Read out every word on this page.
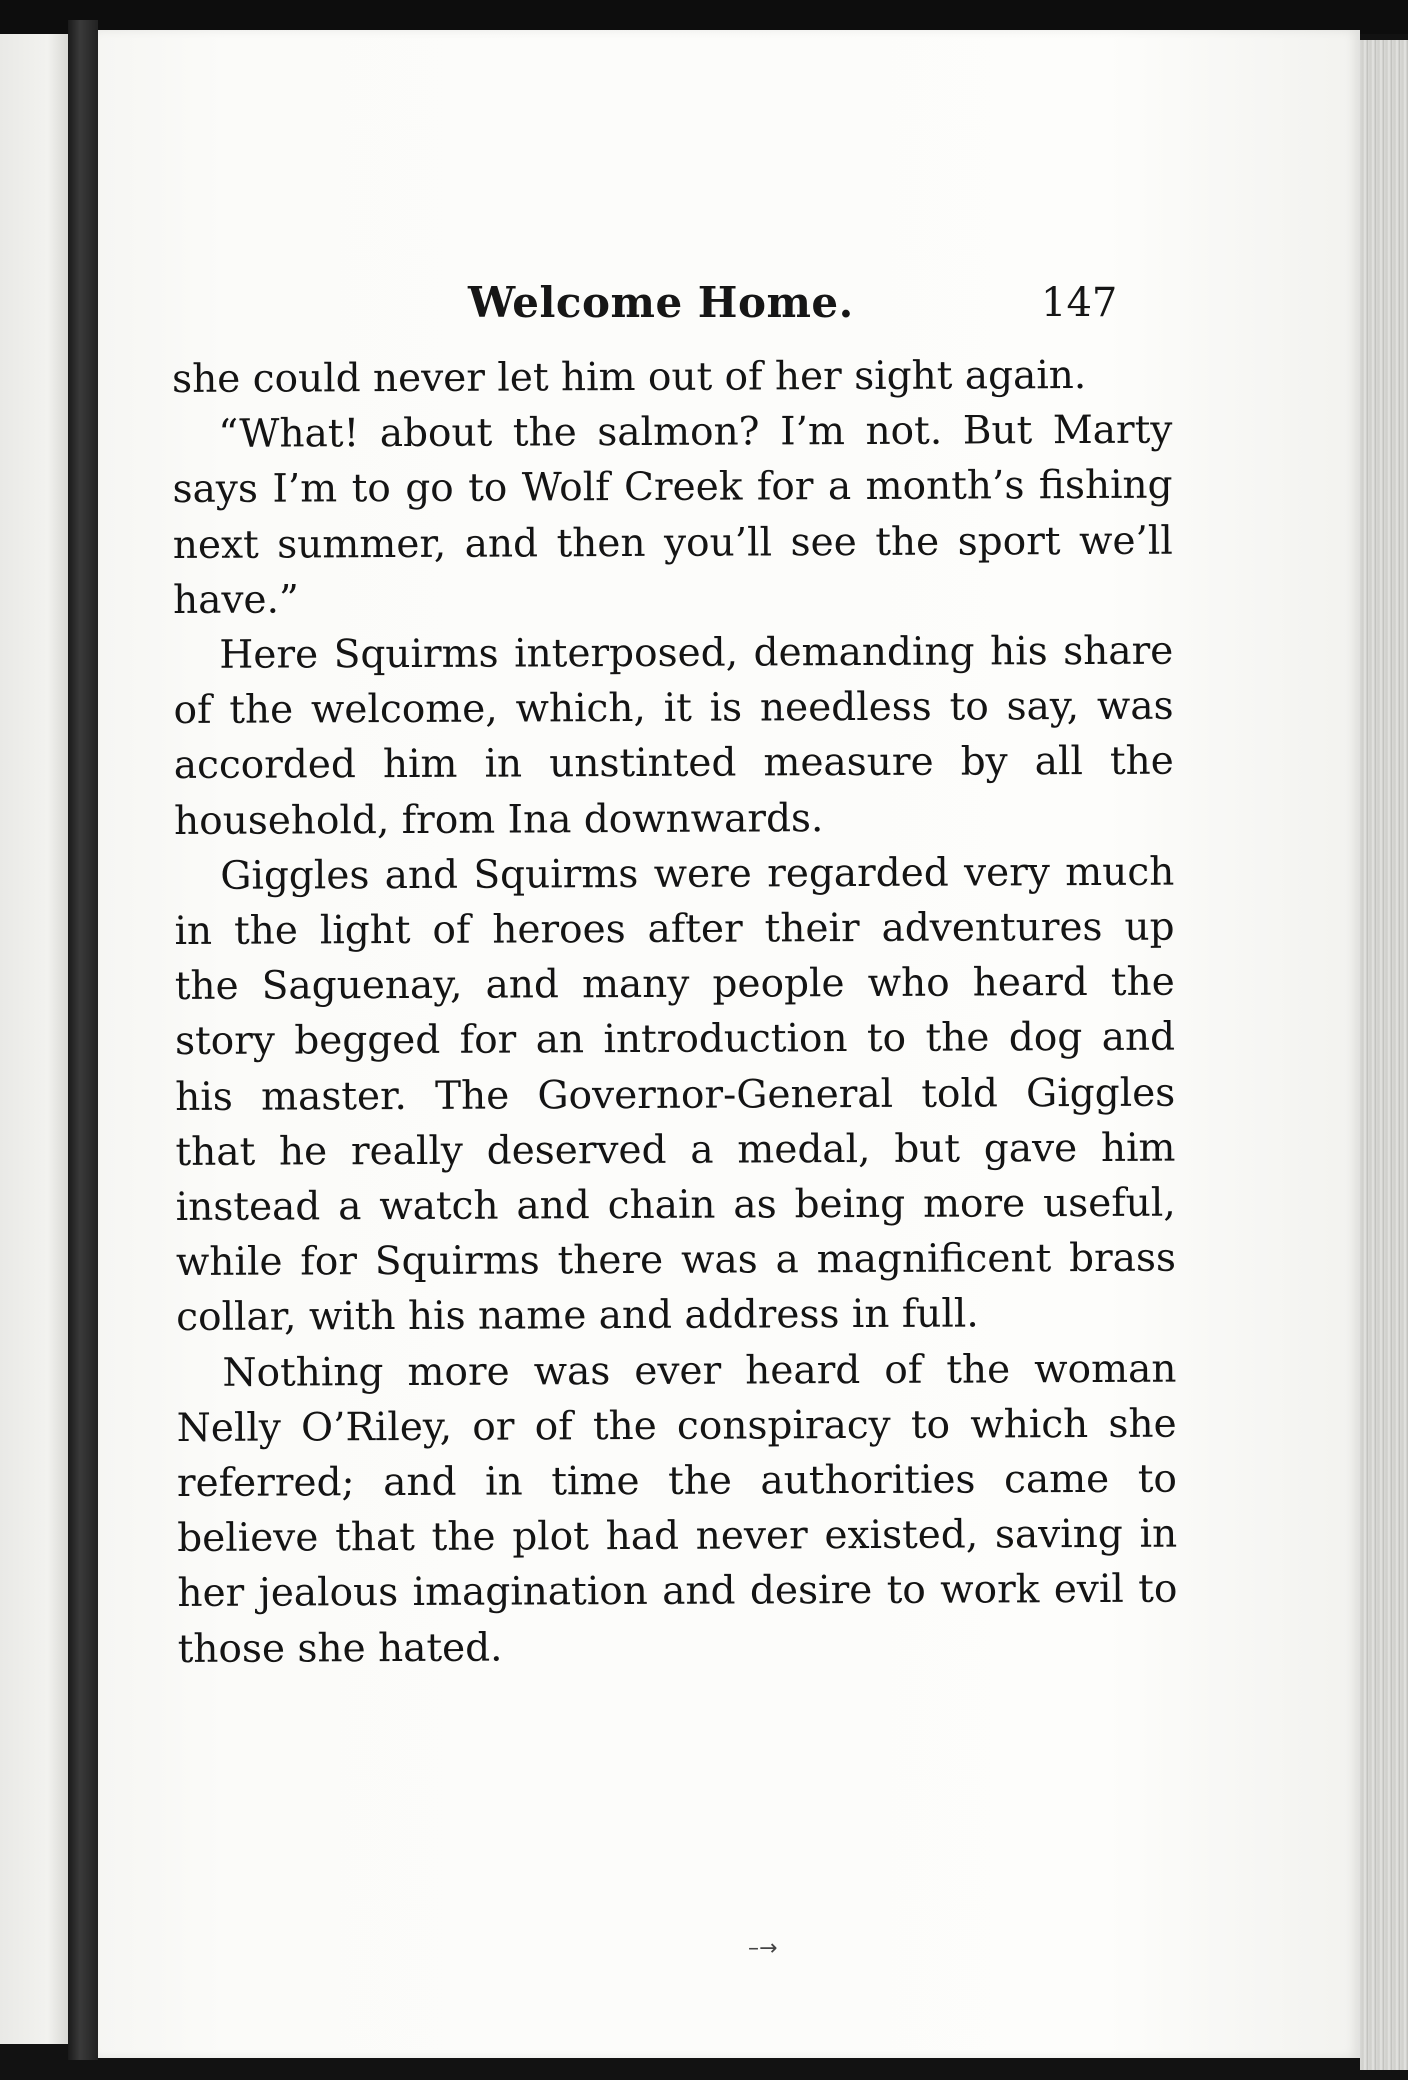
Welcome Home.	147

she could never let him out of her sight again.

“What! about the salmon? I’m not. But Marty says I’m to go to Wolf Creek for a month’s fishing next summer, and then you’ll see the sport we’ll have.”

Here Squirms interposed, demanding his share of the welcome, which, it is needless to say, was accorded him in unstinted measure by all the household, from Ina downwards.

Giggles and Squirms were regarded very much in the light of heroes after their adventures up the Saguenay, and many people who heard the story begged for an introduction to the dog and his master. The Governor-General told Giggles that he really deserved a medal, but gave him instead a watch and chain as being more useful, while for Squirms there was a magnificent brass collar, with his name and address in full.

Nothing more was ever heard of the woman Nelly O’Riley, or of the conspiracy to which she referred; and in time the authorities came to believe that the plot had never existed, saving in her jealous imagination and desire to work evil to those she hated.

–→
